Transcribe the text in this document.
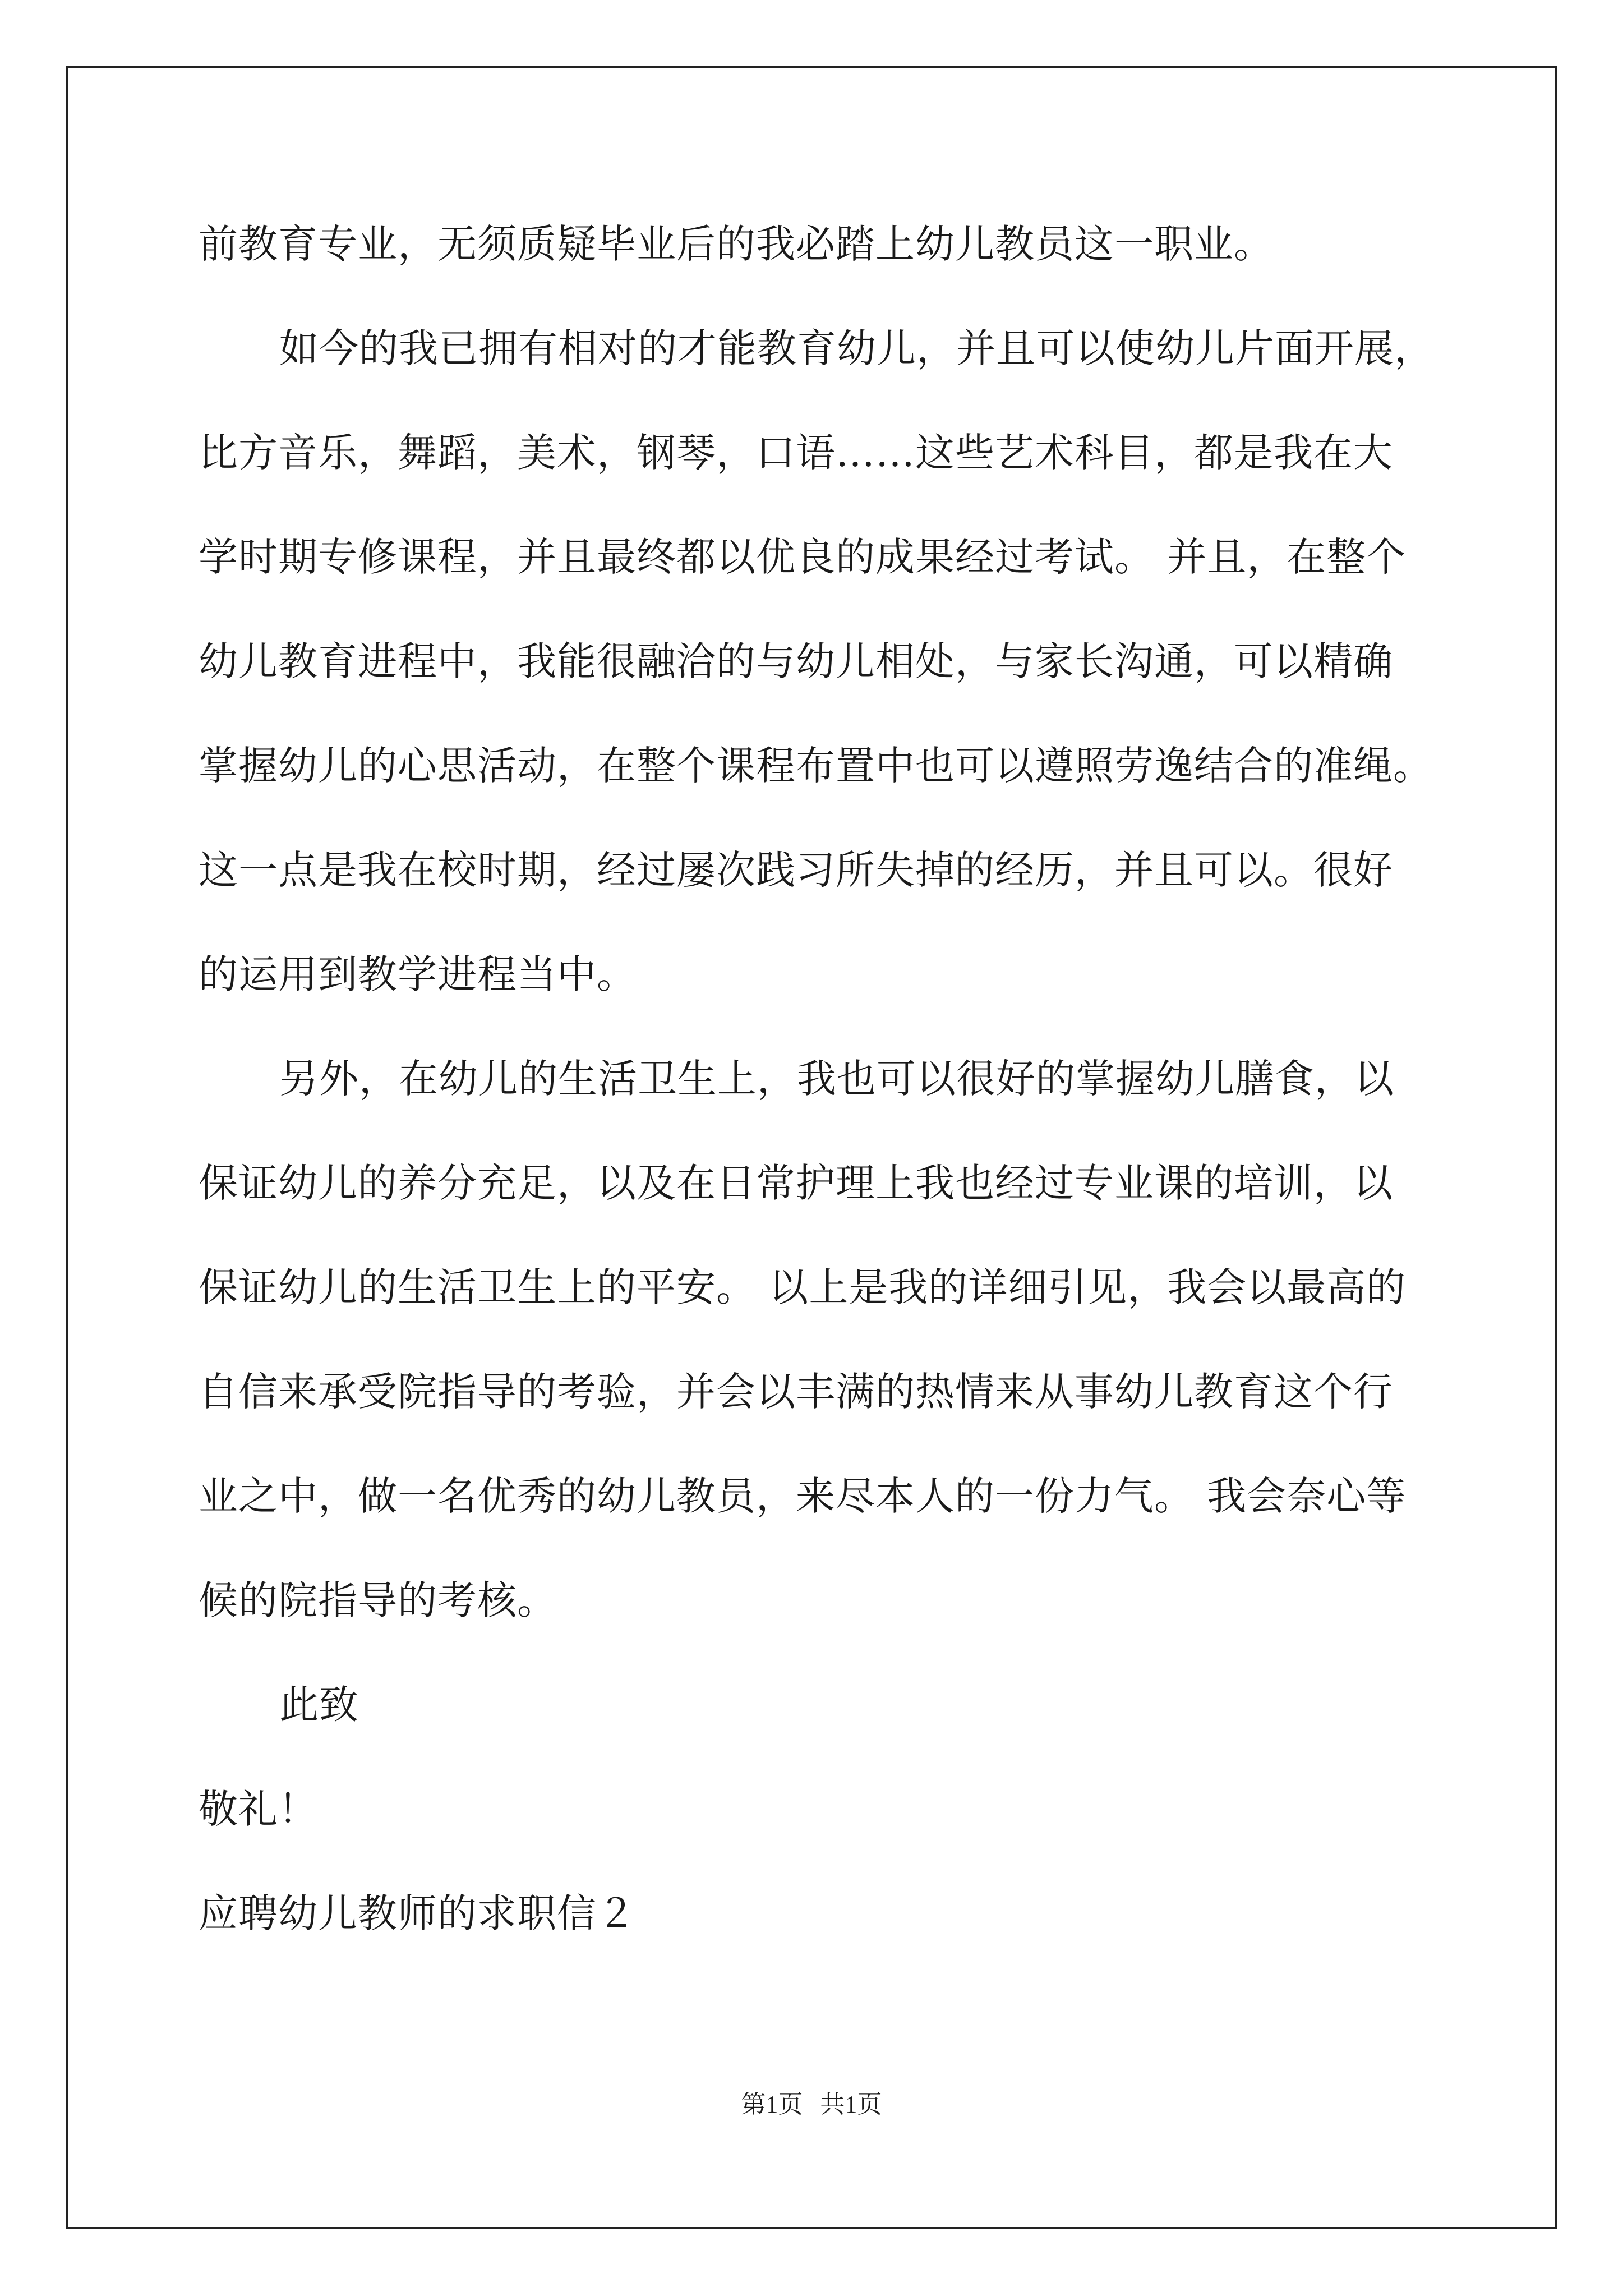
前教育专业，无须质疑毕业后的我必踏上幼儿教员这一职业。
如今的我已拥有相对的才能教育幼儿，并且可以使幼儿片面开展，
比方音乐，舞蹈，美术，钢琴，口语……这些艺术科目，都是我在大
学时期专修课程，并且最终都以优良的成果经过考试。 并且，在整个
幼儿教育进程中，我能很融洽的与幼儿相处，与家长沟通，可以精确
掌握幼儿的心思活动，在整个课程布置中也可以遵照劳逸结合的准绳。
这一点是我在校时期，经过屡次践习所失掉的经历，并且可以。很好
的运用到教学进程当中。
另外，在幼儿的生活卫生上，我也可以很好的掌握幼儿膳食，以
保证幼儿的养分充足，以及在日常护理上我也经过专业课的培训，以
保证幼儿的生活卫生上的平安。 以上是我的详细引见，我会以最高的
自信来承受院指导的考验，并会以丰满的热情来从事幼儿教育这个行
业之中，做一名优秀的幼儿教员，来尽本人的一份力气。 我会奈心等
候的院指导的考核。
此致
敬礼！
应聘幼儿教师的求职信２
第1页 共1页
